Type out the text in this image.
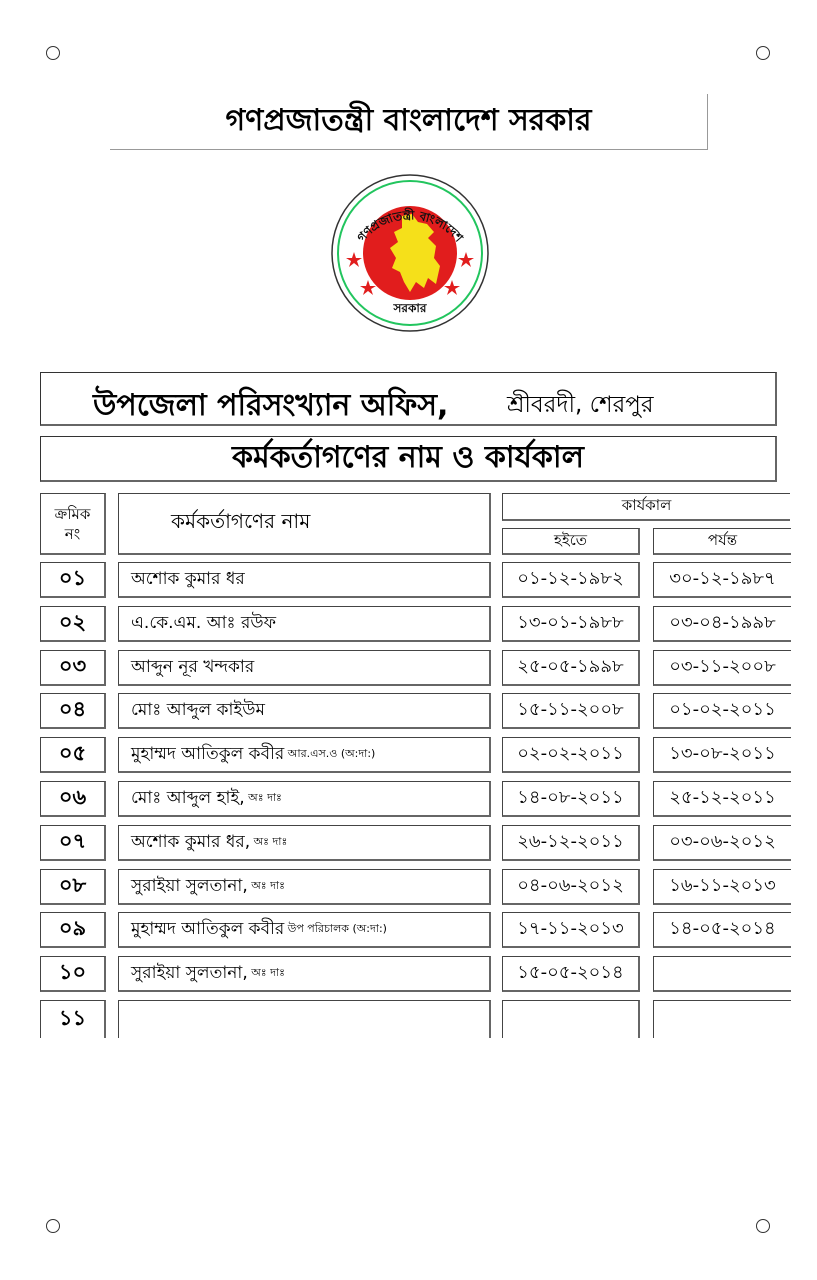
গণপ্রজাতন্ত্রী বাংলাদেশ সরকার
গণপ্রজাতন্ত্রী বাংলাদেশ
সরকার
উপজেলা পরিসংখ্যান অফিস,	শ্রীবরদী, শেরপুর
কর্মকর্তাগণের নাম ও কার্যকাল
ক্রমিক
নং
কর্মকর্তাগণের নাম
কার্যকাল
হইতে	পর্যন্ত
০১	অশোক কুমার ধর	০১-১২-১৯৮২	৩০-১২-১৯৮৭
০২	এ.কে.এম. আঃ রউফ	১৩-০১-১৯৮৮	০৩-০৪-১৯৯৮
০৩	আব্দুন নূর খন্দকার	২৫-০৫-১৯৯৮	০৩-১১-২০০৮
০৪	মোঃ আব্দুল কাইউম	১৫-১১-২০০৮	০১-০২-২০১১
০৫	মুহাম্মদ আতিকুল কবীর আর.এস.ও (অ:দা:)	০২-০২-২০১১	১৩-০৮-২০১১
০৬	মোঃ আব্দুল হাই, অঃ দাঃ	১৪-০৮-২০১১	২৫-১২-২০১১
০৭	অশোক কুমার ধর, অঃ দাঃ	২৬-১২-২০১১	০৩-০৬-২০১২
০৮	সুরাইয়া সুলতানা, অঃ দাঃ	০৪-০৬-২০১২	১৬-১১-২০১৩
০৯	মুহাম্মদ আতিকুল কবীর উপ পরিচালক (অ:দা:)	১৭-১১-২০১৩	১৪-০৫-২০১৪
১০	সুরাইয়া সুলতানা, অঃ দাঃ	১৫-০৫-২০১৪
১১
